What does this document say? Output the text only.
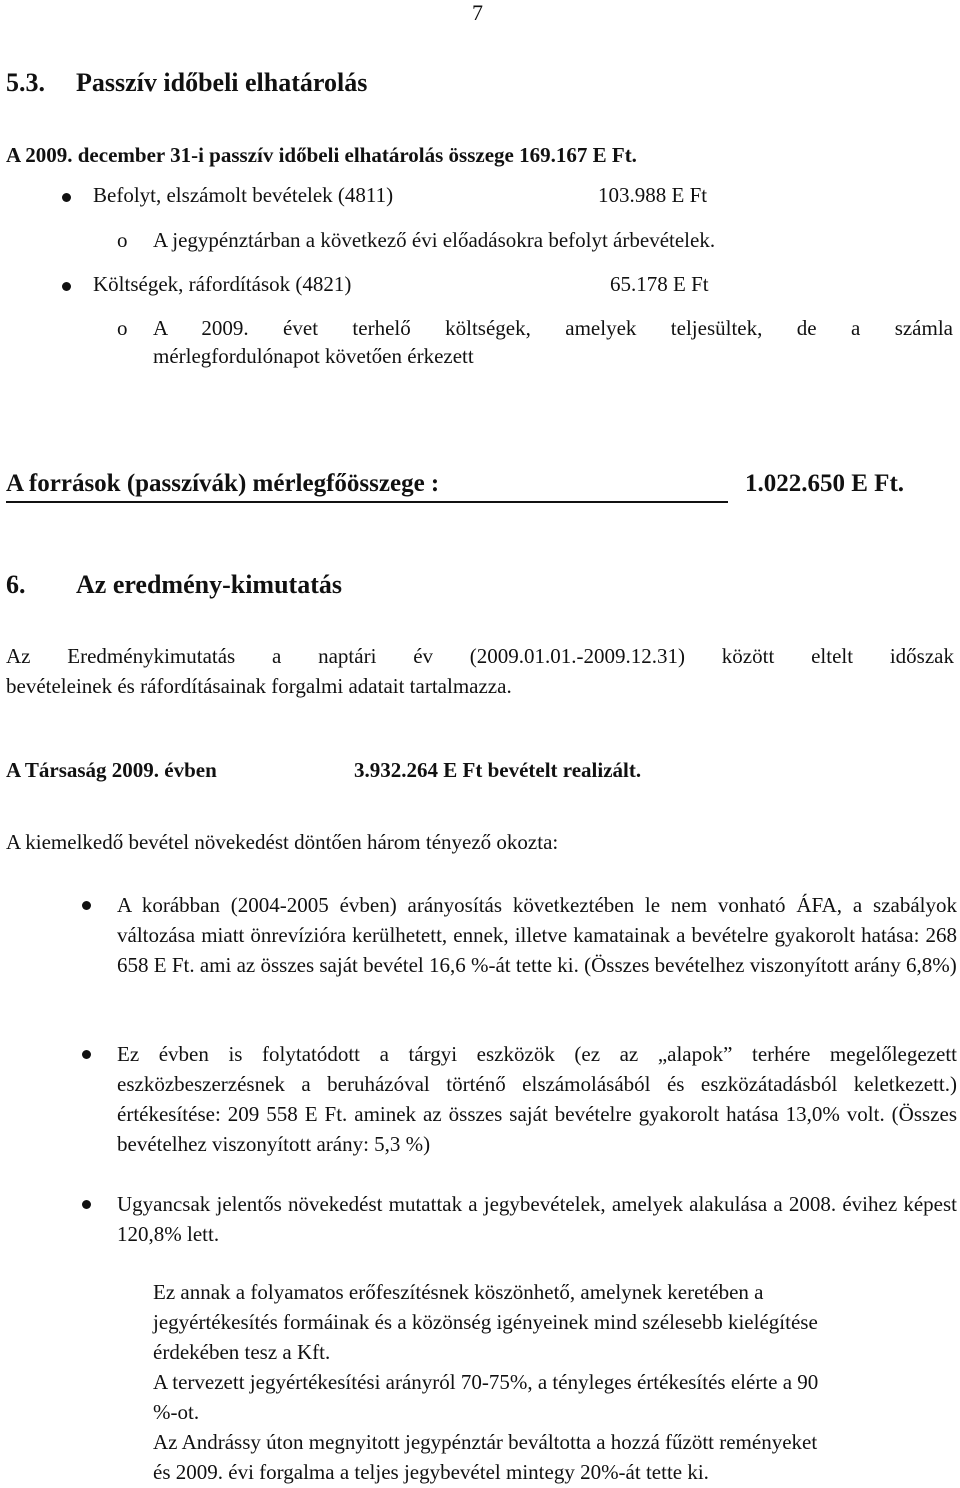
7
5.3. Passzív időbeli elhatárolás
A 2009. december 31-i passzív időbeli elhatárolás összege 169.167 E Ft.
Befolyt, elszámolt bevételek (4811)	103.988 E Ft
o A jegypénztárban a következő évi előadásokra befolyt árbevételek.
Költségek, ráfordítások (4821)	65.178 E Ft
o A 2009. évet terhelő költségek, amelyek teljesültek, de a számla
mérlegfordulónapot követően érkezett
A források (passzívák) mérlegfőösszege :	1.022.650 E Ft.
6. Az eredmény-kimutatás
Az Eredménykimutatás a naptári év (2009.01.01.-2009.12.31) között eltelt időszak
bevételeinek és ráfordításainak forgalmi adatait tartalmazza.
A Társaság 2009. évben	3.932.264 E Ft bevételt realizált.
A kiemelkedő bevétel növekedést döntően három tényező okozta:
A korábban (2004-2005 évben) arányosítás következtében le nem vonható ÁFA, a szabályok változása miatt önrevízióra kerülhetett, ennek, illetve kamatainak a bevételre gyakorolt hatása: 268 658 E Ft. ami az összes saját bevétel 16,6 %-át tette ki. (Összes bevételhez viszonyított arány 6,8%)
Ez évben is folytatódott a tárgyi eszközök (ez az „alapok” terhére megelőlegezett eszközbeszerzésnek a beruházóval történő elszámolásából és eszközátadásból keletkezett.) értékesítése: 209 558 E Ft. aminek az összes saját bevételre gyakorolt hatása 13,0% volt. (Összes bevételhez viszonyított arány: 5,3 %)
Ugyancsak jelentős növekedést mutattak a jegybevételek, amelyek alakulása a 2008. évihez képest 120,8% lett.
Ez annak a folyamatos erőfeszítésnek köszönhető, amelynek keretében a
jegyértékesítés formáinak és a közönség igényeinek mind szélesebb kielégítése
érdekében tesz a Kft.
A tervezett jegyértékesítési arányról 70-75%, a tényleges értékesítés elérte a 90
%-ot.
Az Andrássy úton megnyitott jegypénztár beváltotta a hozzá fűzött reményeket
és 2009. évi forgalma a teljes jegybevétel mintegy 20%-át tette ki.
